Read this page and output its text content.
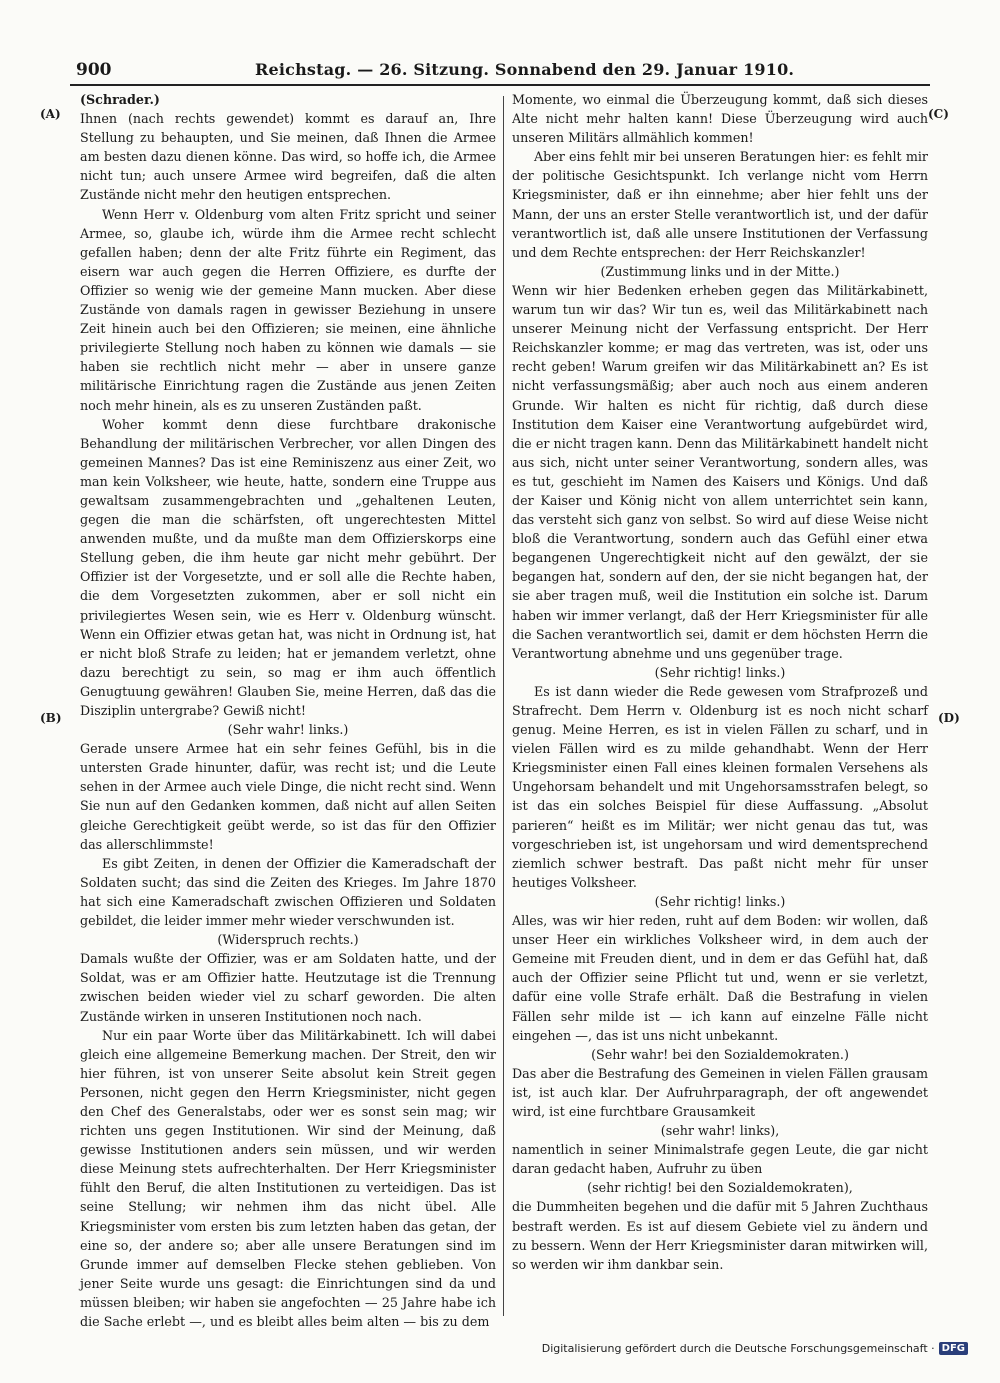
900	Reichstag. — 26. Sitzung. Sonnabend den 29. Januar 1910.
(A)
(B)
(C)
(D)

(Schrader.)

Ihnen (nach rechts gewendet) kommt es darauf an, Ihre Stellung zu behaupten, und Sie meinen, daß Ihnen die Armee am besten dazu dienen könne. Das wird, so hoffe ich, die Armee nicht tun; auch unsere Armee wird begreifen, daß die alten Zustände nicht mehr den heutigen entsprechen.

Wenn Herr v. Oldenburg vom alten Fritz spricht und seiner Armee, so, glaube ich, würde ihm die Armee recht schlecht gefallen haben; denn der alte Fritz führte ein Regiment, das eisern war auch gegen die Herren Offiziere, es durfte der Offizier so wenig wie der gemeine Mann mucken. Aber diese Zustände von damals ragen in gewisser Beziehung in unsere Zeit hinein auch bei den Offizieren; sie meinen, eine ähnliche privilegierte Stellung noch haben zu können wie damals — sie haben sie rechtlich nicht mehr — aber in unsere ganze militärische Einrichtung ragen die Zustände aus jenen Zeiten noch mehr hinein, als es zu unseren Zuständen paßt.

Woher kommt denn diese furchtbare drakonische Behandlung der militärischen Verbrecher, vor allen Dingen des gemeinen Mannes? Das ist eine Reminiszenz aus einer Zeit, wo man kein Volksheer, wie heute, hatte, sondern eine Truppe aus gewaltsam zusammengebrachten und „gehaltenen Leuten, gegen die man die schärfsten, oft ungerechtesten Mittel anwenden mußte, und da mußte man dem Offizierskorps eine Stellung geben, die ihm heute gar nicht mehr gebührt. Der Offizier ist der Vorgesetzte, und er soll alle die Rechte haben, die dem Vorgesetzten zukommen, aber er soll nicht ein privilegiertes Wesen sein, wie es Herr v. Oldenburg wünscht. Wenn ein Offizier etwas getan hat, was nicht in Ordnung ist, hat er nicht bloß Strafe zu leiden; hat er jemandem verletzt, ohne dazu berechtigt zu sein, so mag er ihm auch öffentlich Genugtuung gewähren! Glauben Sie, meine Herren, daß das die Disziplin untergrabe? Gewiß nicht!

(Sehr wahr! links.)

Gerade unsere Armee hat ein sehr feines Gefühl, bis in die untersten Grade hinunter, dafür, was recht ist; und die Leute sehen in der Armee auch viele Dinge, die nicht recht sind. Wenn Sie nun auf den Gedanken kommen, daß nicht auf allen Seiten gleiche Gerechtigkeit geübt werde, so ist das für den Offizier das allerschlimmste!

Es gibt Zeiten, in denen der Offizier die Kameradschaft der Soldaten sucht; das sind die Zeiten des Krieges. Im Jahre 1870 hat sich eine Kameradschaft zwischen Offizieren und Soldaten gebildet, die leider immer mehr wieder verschwunden ist.

(Widerspruch rechts.)

Damals wußte der Offizier, was er am Soldaten hatte, und der Soldat, was er am Offizier hatte. Heutzutage ist die Trennung zwischen beiden wieder viel zu scharf geworden. Die alten Zustände wirken in unseren Institutionen noch nach.

Nur ein paar Worte über das Militärkabinett. Ich will dabei gleich eine allgemeine Bemerkung machen. Der Streit, den wir hier führen, ist von unserer Seite absolut kein Streit gegen Personen, nicht gegen den Herrn Kriegsminister, nicht gegen den Chef des Generalstabs, oder wer es sonst sein mag; wir richten uns gegen Institutionen. Wir sind der Meinung, daß gewisse Institutionen anders sein müssen, und wir werden diese Meinung stets aufrechterhalten. Der Herr Kriegsminister fühlt den Beruf, die alten Institutionen zu verteidigen. Das ist seine Stellung; wir nehmen ihm das nicht übel. Alle Kriegsminister vom ersten bis zum letzten haben das getan, der eine so, der andere so; aber alle unsere Beratungen sind im Grunde immer auf demselben Flecke stehen geblieben. Von jener Seite wurde uns gesagt: die Einrichtungen sind da und müssen bleiben; wir haben sie angefochten — 25 Jahre habe ich die Sache erlebt —, und es bleibt alles beim alten — bis zu dem

Momente, wo einmal die Überzeugung kommt, daß sich dieses Alte nicht mehr halten kann! Diese Überzeugung wird auch unseren Militärs allmählich kommen!

Aber eins fehlt mir bei unseren Beratungen hier: es fehlt mir der politische Gesichtspunkt. Ich verlange nicht vom Herrn Kriegsminister, daß er ihn einnehme; aber hier fehlt uns der Mann, der uns an erster Stelle verantwortlich ist, und der dafür verantwortlich ist, daß alle unsere Institutionen der Verfassung und dem Rechte entsprechen: der Herr Reichskanzler!

(Zustimmung links und in der Mitte.)

Wenn wir hier Bedenken erheben gegen das Militärkabinett, warum tun wir das? Wir tun es, weil das Militärkabinett nach unserer Meinung nicht der Verfassung entspricht. Der Herr Reichskanzler komme; er mag das vertreten, was ist, oder uns recht geben! Warum greifen wir das Militärkabinett an? Es ist nicht verfassungsmäßig; aber auch noch aus einem anderen Grunde. Wir halten es nicht für richtig, daß durch diese Institution dem Kaiser eine Verantwortung aufgebürdet wird, die er nicht tragen kann. Denn das Militärkabinett handelt nicht aus sich, nicht unter seiner Verantwortung, sondern alles, was es tut, geschieht im Namen des Kaisers und Königs. Und daß der Kaiser und König nicht von allem unterrichtet sein kann, das versteht sich ganz von selbst. So wird auf diese Weise nicht bloß die Verantwortung, sondern auch das Gefühl einer etwa begangenen Ungerechtigkeit nicht auf den gewälzt, der sie begangen hat, sondern auf den, der sie nicht begangen hat, der sie aber tragen muß, weil die Institution ein solche ist. Darum haben wir immer verlangt, daß der Herr Kriegsminister für alle die Sachen verantwortlich sei, damit er dem höchsten Herrn die Verantwortung abnehme und uns gegenüber trage.

(Sehr richtig! links.)

Es ist dann wieder die Rede gewesen vom Strafprozeß und Strafrecht. Dem Herrn v. Oldenburg ist es noch nicht scharf genug. Meine Herren, es ist in vielen Fällen zu scharf, und in vielen Fällen wird es zu milde gehandhabt. Wenn der Herr Kriegsminister einen Fall eines kleinen formalen Versehens als Ungehorsam behandelt und mit Ungehorsamsstrafen belegt, so ist das ein solches Beispiel für diese Auffassung. „Absolut parieren“ heißt es im Militär; wer nicht genau das tut, was vorgeschrieben ist, ist ungehorsam und wird dementsprechend ziemlich schwer bestraft. Das paßt nicht mehr für unser heutiges Volksheer.

(Sehr richtig! links.)

Alles, was wir hier reden, ruht auf dem Boden: wir wollen, daß unser Heer ein wirkliches Volksheer wird, in dem auch der Gemeine mit Freuden dient, und in dem er das Gefühl hat, daß auch der Offizier seine Pflicht tut und, wenn er sie verletzt, dafür eine volle Strafe erhält. Daß die Bestrafung in vielen Fällen sehr milde ist — ich kann auf einzelne Fälle nicht eingehen —, das ist uns nicht unbekannt.

(Sehr wahr! bei den Sozialdemokraten.)

Das aber die Bestrafung des Gemeinen in vielen Fällen grausam ist, ist auch klar. Der Aufruhrparagraph, der oft angewendet wird, ist eine furchtbare Grausamkeit

(sehr wahr! links),

namentlich in seiner Minimalstrafe gegen Leute, die gar nicht daran gedacht haben, Aufruhr zu üben

(sehr richtig! bei den Sozialdemokraten),

die Dummheiten begehen und die dafür mit 5 Jahren Zuchthaus bestraft werden. Es ist auf diesem Gebiete viel zu ändern und zu bessern. Wenn der Herr Kriegsminister daran mitwirken will, so werden wir ihm dankbar sein.

Digitalisierung gefördert durch die Deutsche Forschungsgemeinschaft · DFG
